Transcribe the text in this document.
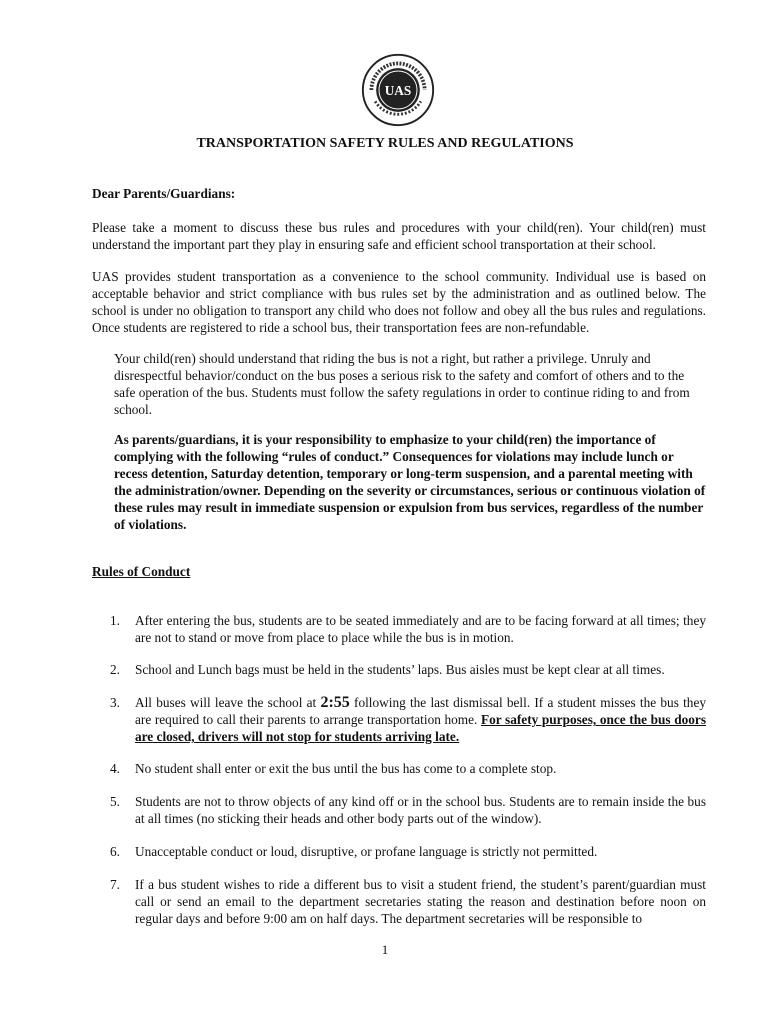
UAS
TRANSPORTATION SAFETY RULES AND REGULATIONS

Dear Parents/Guardians:

Please take a moment to discuss these bus rules and procedures with your child(ren). Your child(ren) must understand the important part they play in ensuring safe and efficient school transportation at their school.

UAS provides student transportation as a convenience to the school community. Individual use is based on acceptable behavior and strict compliance with bus rules set by the administration and as outlined below. The school is under no obligation to transport any child who does not follow and obey all the bus rules and regulations. Once students are registered to ride a school bus, their transportation fees are non-refundable.

Your child(ren) should understand that riding the bus is not a right, but rather a privilege. Unruly and disrespectful behavior/conduct on the bus poses a serious risk to the safety and comfort of others and to the safe operation of the bus. Students must follow the safety regulations in order to continue riding to and from school.

As parents/guardians, it is your responsibility to emphasize to your child(ren) the importance of complying with the following “rules of conduct.” Consequences for violations may include lunch or recess detention, Saturday detention, temporary or long-term suspension, and a parental meeting with the administration/owner. Depending on the severity or circumstances, serious or continuous violation of these rules may result in immediate suspension or expulsion from bus services, regardless of the number of violations.

Rules of Conduct

1. After entering the bus, students are to be seated immediately and are to be facing forward at all times; they are not to stand or move from place to place while the bus is in motion.
2. School and Lunch bags must be held in the students’ laps. Bus aisles must be kept clear at all times.
3. All buses will leave the school at 2:55 following the last dismissal bell. If a student misses the bus they are required to call their parents to arrange transportation home. For safety purposes, once the bus doors are closed, drivers will not stop for students arriving late.
4. No student shall enter or exit the bus until the bus has come to a complete stop.
5. Students are not to throw objects of any kind off or in the school bus. Students are to remain inside the bus at all times (no sticking their heads and other body parts out of the window).
6. Unacceptable conduct or loud, disruptive, or profane language is strictly not permitted.
7. If a bus student wishes to ride a different bus to visit a student friend, the student’s parent/guardian must call or send an email to the department secretaries stating the reason and destination before noon on regular days and before 9:00 am on half days. The department secretaries will be responsible to
1
